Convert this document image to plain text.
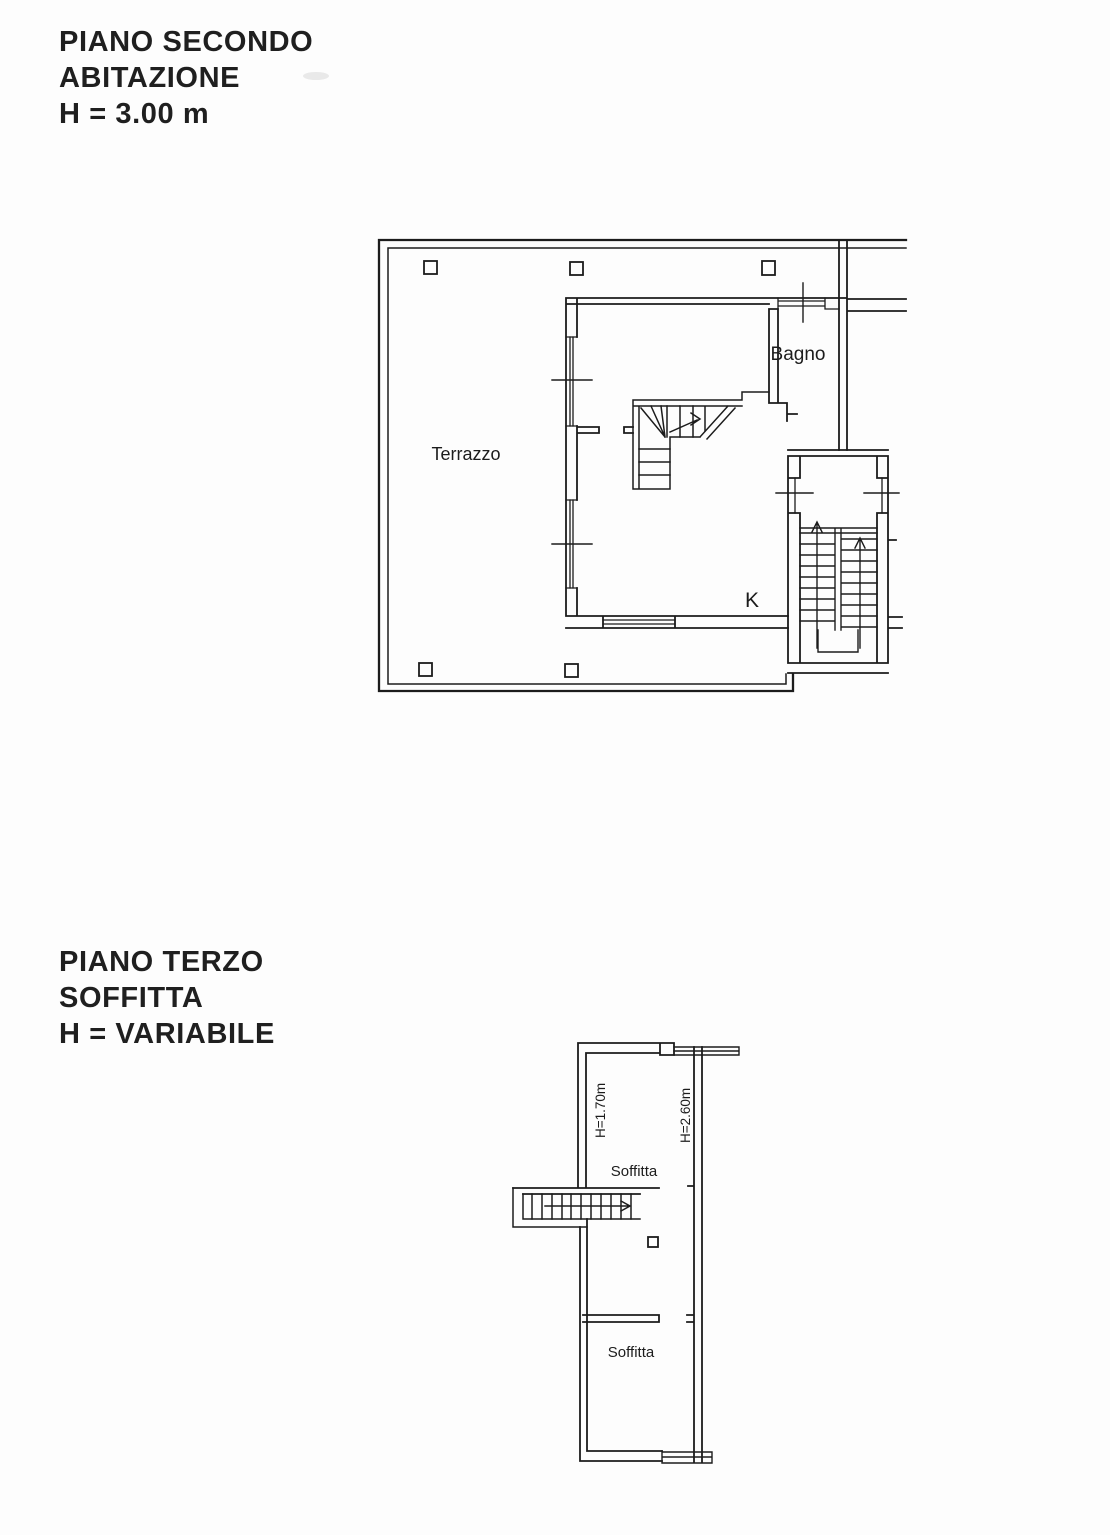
PIANO SECONDO
ABITAZIONE
H = 3.00 m
PIANO TERZO
SOFFITTA
H = VARIABILE
Terrazzo
Bagno
K
Soffitta
Soffitta
H=1.70m	H=2.60m
